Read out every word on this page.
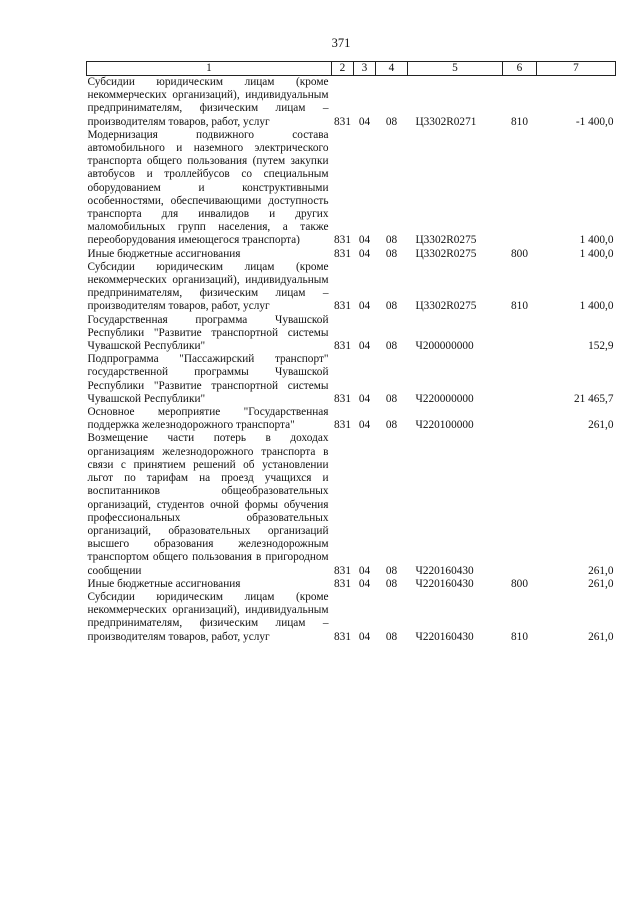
371
1	2	3	4	5	6	7
Субсидии юридическим лицам (кроме некоммерческих организаций), индивидуальным предпринимателям, физическим лицам – производителям товаров, работ, услуг	831	04	08	Ц3302R0271	810	-1 400,0
Модернизация подвижного состава автомобильного и наземного электрического транспорта общего пользования (путем закупки автобусов и троллейбусов со специальным оборудованием и конструктивными особенностями, обеспечивающими доступность транспорта для инвалидов и других маломобильных групп населения, а также переоборудования имеющегося транспорта)	831	04	08	Ц3302R0275		1 400,0
Иные бюджетные ассигнования	831	04	08	Ц3302R0275	800	1 400,0
Субсидии юридическим лицам (кроме некоммерческих организаций), индивидуальным предпринимателям, физическим лицам – производителям товаров, работ, услуг	831	04	08	Ц3302R0275	810	1 400,0
Государственная программа Чувашской Республики "Развитие транспортной системы Чувашской Республики"	831	04	08	Ч200000000		152,9
Подпрограмма "Пассажирский транспорт" государственной программы Чувашской Республики "Развитие транспортной системы Чувашской Республики"	831	04	08	Ч220000000		21 465,7
Основное мероприятие "Государственная поддержка железнодорожного транспорта"	831	04	08	Ч220100000		261,0
Возмещение части потерь в доходах организациям железнодорожного транспорта в связи с принятием решений об установлении льгот по тарифам на проезд учащихся и воспитанников общеобразовательных организаций, студентов очной формы обучения профессиональных образовательных организаций, образовательных организаций высшего образования железнодорожным транспортом общего пользования в пригородном сообщении	831	04	08	Ч220160430		261,0
Иные бюджетные ассигнования	831	04	08	Ч220160430	800	261,0
Субсидии юридическим лицам (кроме некоммерческих организаций), индивидуальным предпринимателям, физическим лицам – производителям товаров, работ, услуг	831	04	08	Ч220160430	810	261,0
